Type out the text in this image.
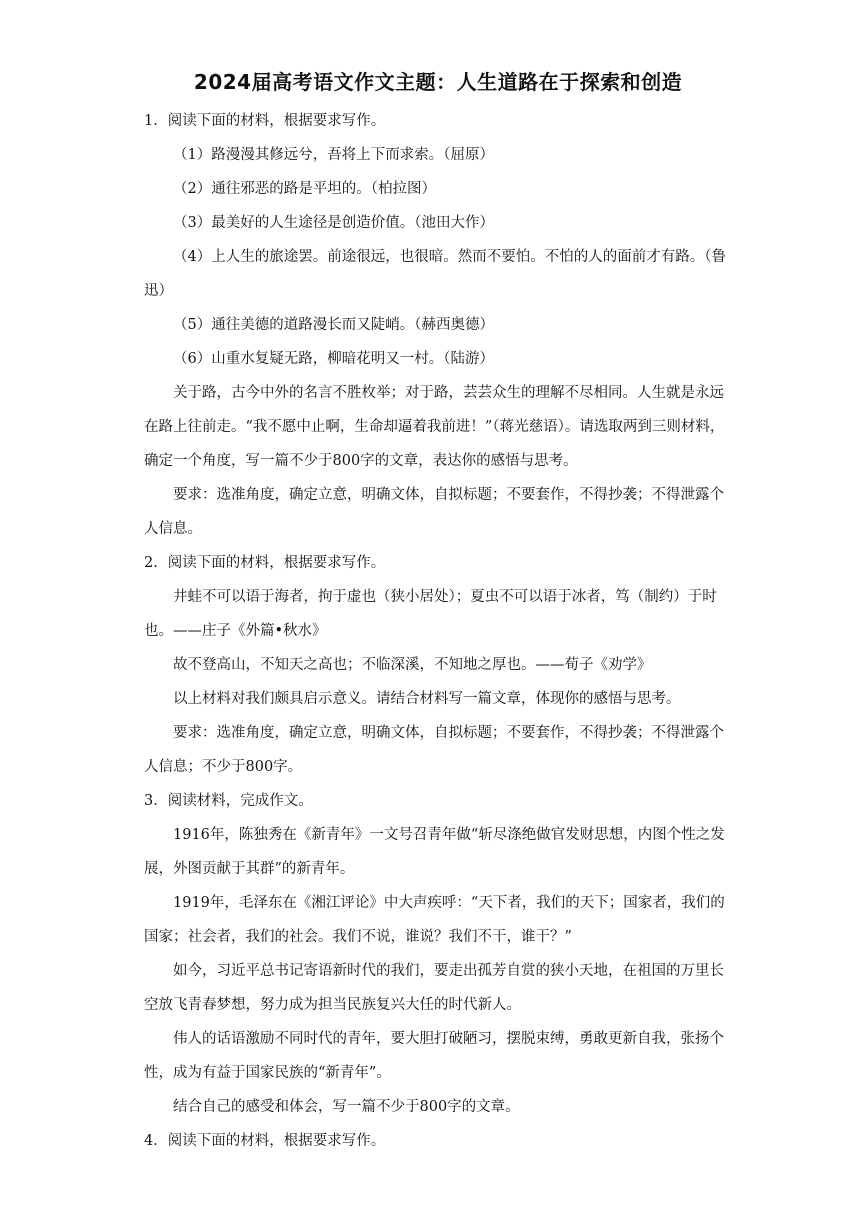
2024届高考语文作文主题：人生道路在于探索和创造

1．阅读下面的材料，根据要求写作。

（1）路漫漫其修远兮，吾将上下而求索。（屈原）

（2）通往邪恶的路是平坦的。（柏拉图）

（3）最美好的人生途径是创造价值。（池田大作）

（4）上人生的旅途罢。前途很远，也很暗。然而不要怕。不怕的人的面前才有路。（鲁迅）

（5）通往美德的道路漫长而又陡峭。（赫西奥德）

（6）山重水复疑无路，柳暗花明又一村。（陆游）

关于路，古今中外的名言不胜枚举；对于路，芸芸众生的理解不尽相同。人生就是永远在路上往前走。“我不愿中止啊，生命却逼着我前进！”（蒋光慈语）。请选取两到三则材料，确定一个角度，写一篇不少于800字的文章，表达你的感悟与思考。

要求：选准角度，确定立意，明确文体，自拟标题；不要套作，不得抄袭；不得泄露个人信息。

2．阅读下面的材料，根据要求写作。

井蛙不可以语于海者，拘于虚也（狭小居处）；夏虫不可以语于冰者，笃（制约）于时也。——庄子《外篇•秋水》

故不登高山，不知天之高也；不临深溪，不知地之厚也。——荀子《劝学》

以上材料对我们颇具启示意义。请结合材料写一篇文章，体现你的感悟与思考。

要求：选准角度，确定立意，明确文体，自拟标题；不要套作，不得抄袭；不得泄露个人信息；不少于800字。

3．阅读材料，完成作文。

1916年，陈独秀在《新青年》一文号召青年做“斩尽涤绝做官发财思想，内图个性之发展，外图贡献于其群”的新青年。

1919年，毛泽东在《湘江评论》中大声疾呼：“天下者，我们的天下；国家者，我们的国家；社会者，我们的社会。我们不说，谁说？我们不干，谁干？”

如今，习近平总书记寄语新时代的我们，要走出孤芳自赏的狭小天地，在祖国的万里长空放飞青春梦想，努力成为担当民族复兴大任的时代新人。

伟人的话语激励不同时代的青年，要大胆打破陋习，摆脱束缚，勇敢更新自我，张扬个性，成为有益于国家民族的“新青年”。

结合自己的感受和体会，写一篇不少于800字的文章。

4．阅读下面的材料，根据要求写作。
